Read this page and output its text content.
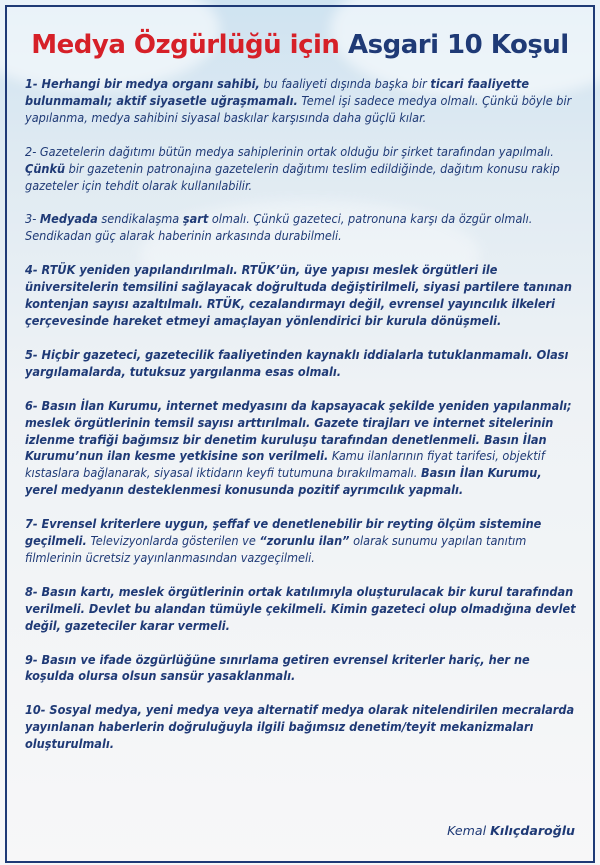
Medya Özgürlüğü için Asgari 10 Koşul

1- Herhangi bir medya organı sahibi, bu faaliyeti dışında başka bir ticari faaliyette bulunmamalı; aktif siyasetle uğraşmamalı. Temel işi sadece medya olmalı. Çünkü böyle bir yapılanma, medya sahibini siyasal baskılar karşısında daha güçlü kılar.

2- Gazetelerin dağıtımı bütün medya sahiplerinin ortak olduğu bir şirket tarafından yapılmalı. Çünkü bir gazetenin patronajına gazetelerin dağıtımı teslim edildiğinde, dağıtım konusu rakip gazeteler için tehdit olarak kullanılabilir.

3- Medyada sendikalaşma şart olmalı. Çünkü gazeteci, patronuna karşı da özgür olmalı. Sendikadan güç alarak haberinin arkasında durabilmeli.

4- RTÜK yeniden yapılandırılmalı. RTÜK’ün, üye yapısı meslek örgütleri ile üniversitelerin temsilini sağlayacak doğrultuda değiştirilmeli, siyasi partilere tanınan kontenjan sayısı azaltılmalı. RTÜK, cezalandırmayı değil, evrensel yayıncılık ilkeleri çerçevesinde hareket etmeyi amaçlayan yönlendirici bir kurula dönüşmeli.

5- Hiçbir gazeteci, gazetecilik faaliyetinden kaynaklı iddialarla tutuklanmamalı. Olası yargılamalarda, tutuksuz yargılanma esas olmalı.

6- Basın İlan Kurumu, internet medyasını da kapsayacak şekilde yeniden yapılanmalı; meslek örgütlerinin temsil sayısı arttırılmalı. Gazete tirajları ve internet sitelerinin izlenme trafiği bağımsız bir denetim kuruluşu tarafından denetlenmeli. Basın İlan Kurumu’nun ilan kesme yetkisine son verilmeli. Kamu ilanlarının fiyat tarifesi, objektif kıstaslara bağlanarak, siyasal iktidarın keyfi tutumuna bırakılmamalı. Basın İlan Kurumu, yerel medyanın desteklenmesi konusunda pozitif ayrımcılık yapmalı.

7- Evrensel kriterlere uygun, şeffaf ve denetlenebilir bir reyting ölçüm sistemine geçilmeli. Televizyonlarda gösterilen ve “zorunlu ilan” olarak sunumu yapılan tanıtım filmlerinin ücretsiz yayınlanmasından vazgeçilmeli.

8- Basın kartı, meslek örgütlerinin ortak katılımıyla oluşturulacak bir kurul tarafından verilmeli. Devlet bu alandan tümüyle çekilmeli. Kimin gazeteci olup olmadığına devlet değil, gazeteciler karar vermeli.

9- Basın ve ifade özgürlüğüne sınırlama getiren evrensel kriterler hariç, her ne koşulda olursa olsun sansür yasaklanmalı.

10- Sosyal medya, yeni medya veya alternatif medya olarak nitelendirilen mecralarda yayınlanan haberlerin doğruluğuyla ilgili bağımsız denetim/teyit mekanizmaları oluşturulmalı.

Kemal Kılıçdaroğlu
